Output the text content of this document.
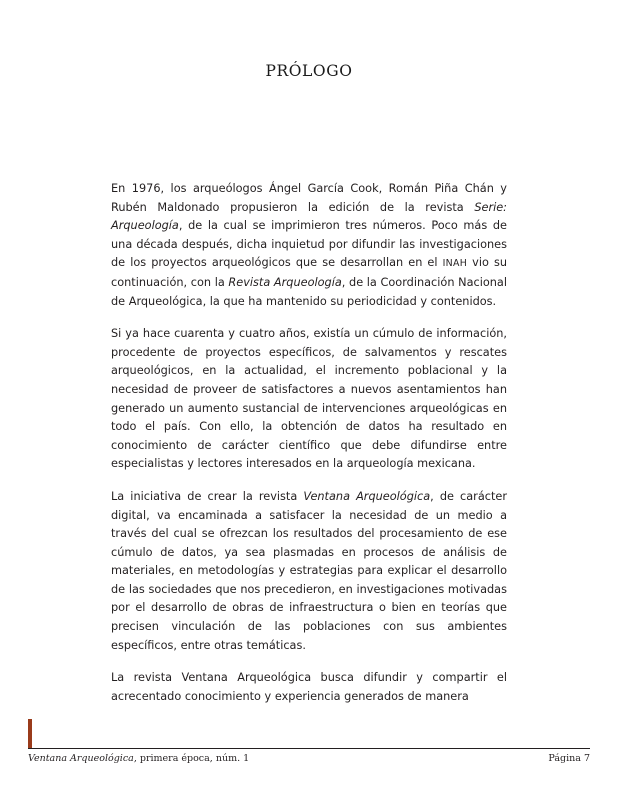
PRÓLOGO

En 1976, los arqueólogos Ángel García Cook, Román Piña Chán y Rubén Maldonado propusieron la edición de la revista Serie: Arqueología, de la cual se imprimieron tres números. Poco más de una década después, dicha inquietud por difundir las investigaciones de los proyectos arqueológicos que se desarrollan en el INAH vio su continuación, con la Revista Arqueología, de la Coordinación Nacional de Arqueológica, la que ha mantenido su periodicidad y contenidos.

Si ya hace cuarenta y cuatro años, existía un cúmulo de información, procedente de proyectos específicos, de salvamentos y rescates arqueológicos, en la actualidad, el incremento poblacional y la necesidad de proveer de satisfactores a nuevos asentamientos han generado un aumento sustancial de intervenciones arqueológicas en todo el país. Con ello, la obtención de datos ha resultado en conocimiento de carácter científico que debe difundirse entre especialistas y lectores interesados en la arqueología mexicana.

La iniciativa de crear la revista Ventana Arqueológica, de carácter digital, va encaminada a satisfacer la necesidad de un medio a través del cual se ofrezcan los resultados del procesamiento de ese cúmulo de datos, ya sea plasmadas en procesos de análisis de materiales, en metodologías y estrategias para explicar el desarrollo de las sociedades que nos precedieron, en investigaciones motivadas por el desarrollo de obras de infraestructura o bien en teorías que precisen vinculación de las poblaciones con sus ambientes específicos, entre otras temáticas.

La revista Ventana Arqueológica busca difundir y compartir el acrecentado conocimiento y experiencia generados de manera

Ventana Arqueológica, primera época, núm. 1	Página 7
